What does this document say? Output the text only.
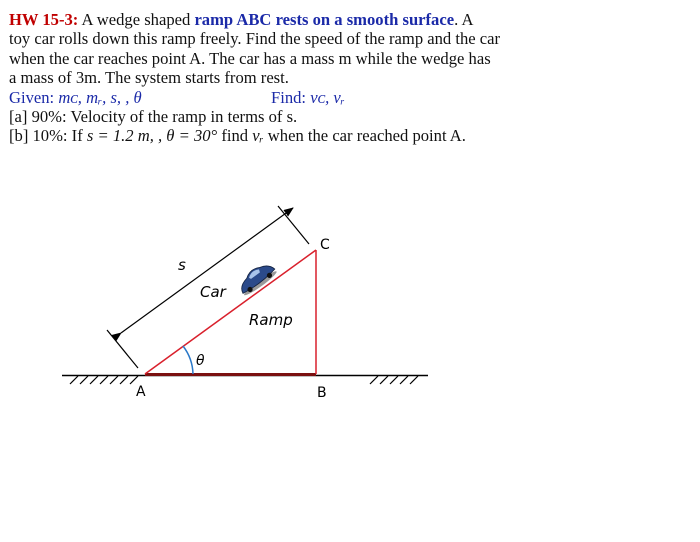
HW 15-3: A wedge shaped ramp ABC rests on a smooth surface. A
toy car rolls down this ramp freely. Find the speed of the ramp and the car
when the car reaches point A. The car has a mass m while the wedge has
a mass of 3m. The system starts from rest.
Given: mᴄ, mᵣ, s, , θ	Find: vᴄ, vᵣ
[a] 90%: Velocity of the ramp in terms of s.
[b] 10%: If s = 1.2 m, , θ = 30° find vᵣ when the car reached point A.
s
Car
Ramp
θ
A	B
C
